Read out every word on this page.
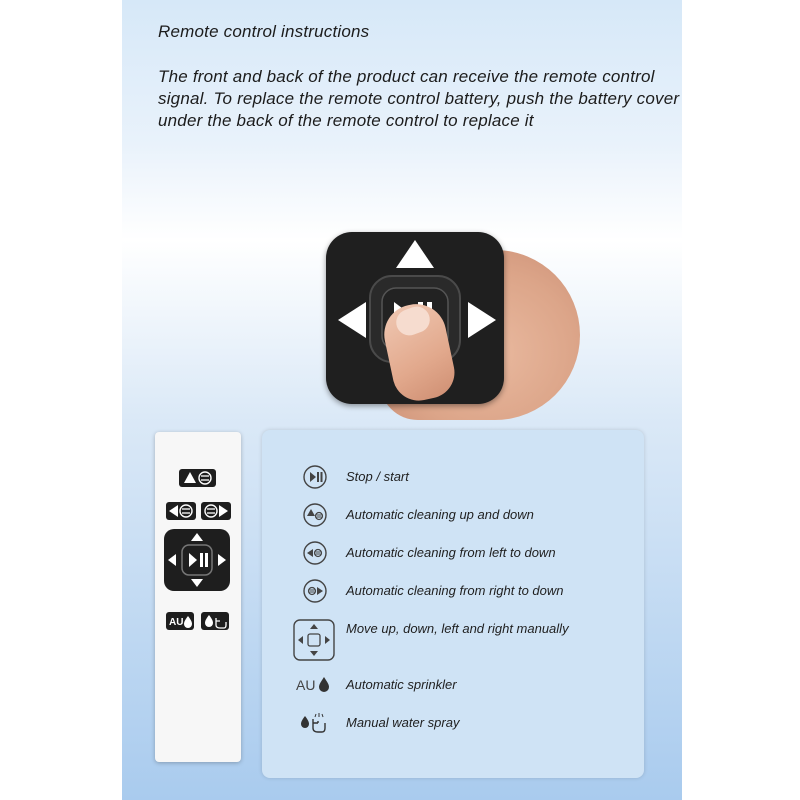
Remote control instructions
The front and back of the product can receive the remote control signal. To replace the remote control battery, push the battery cover under the back of the remote control to replace it
AU
Stop / start
Automatic cleaning up and down
Automatic cleaning from left to down
Automatic cleaning from right to down
Move up, down, left and right manually
AU Automatic sprinkler
Manual water spray
